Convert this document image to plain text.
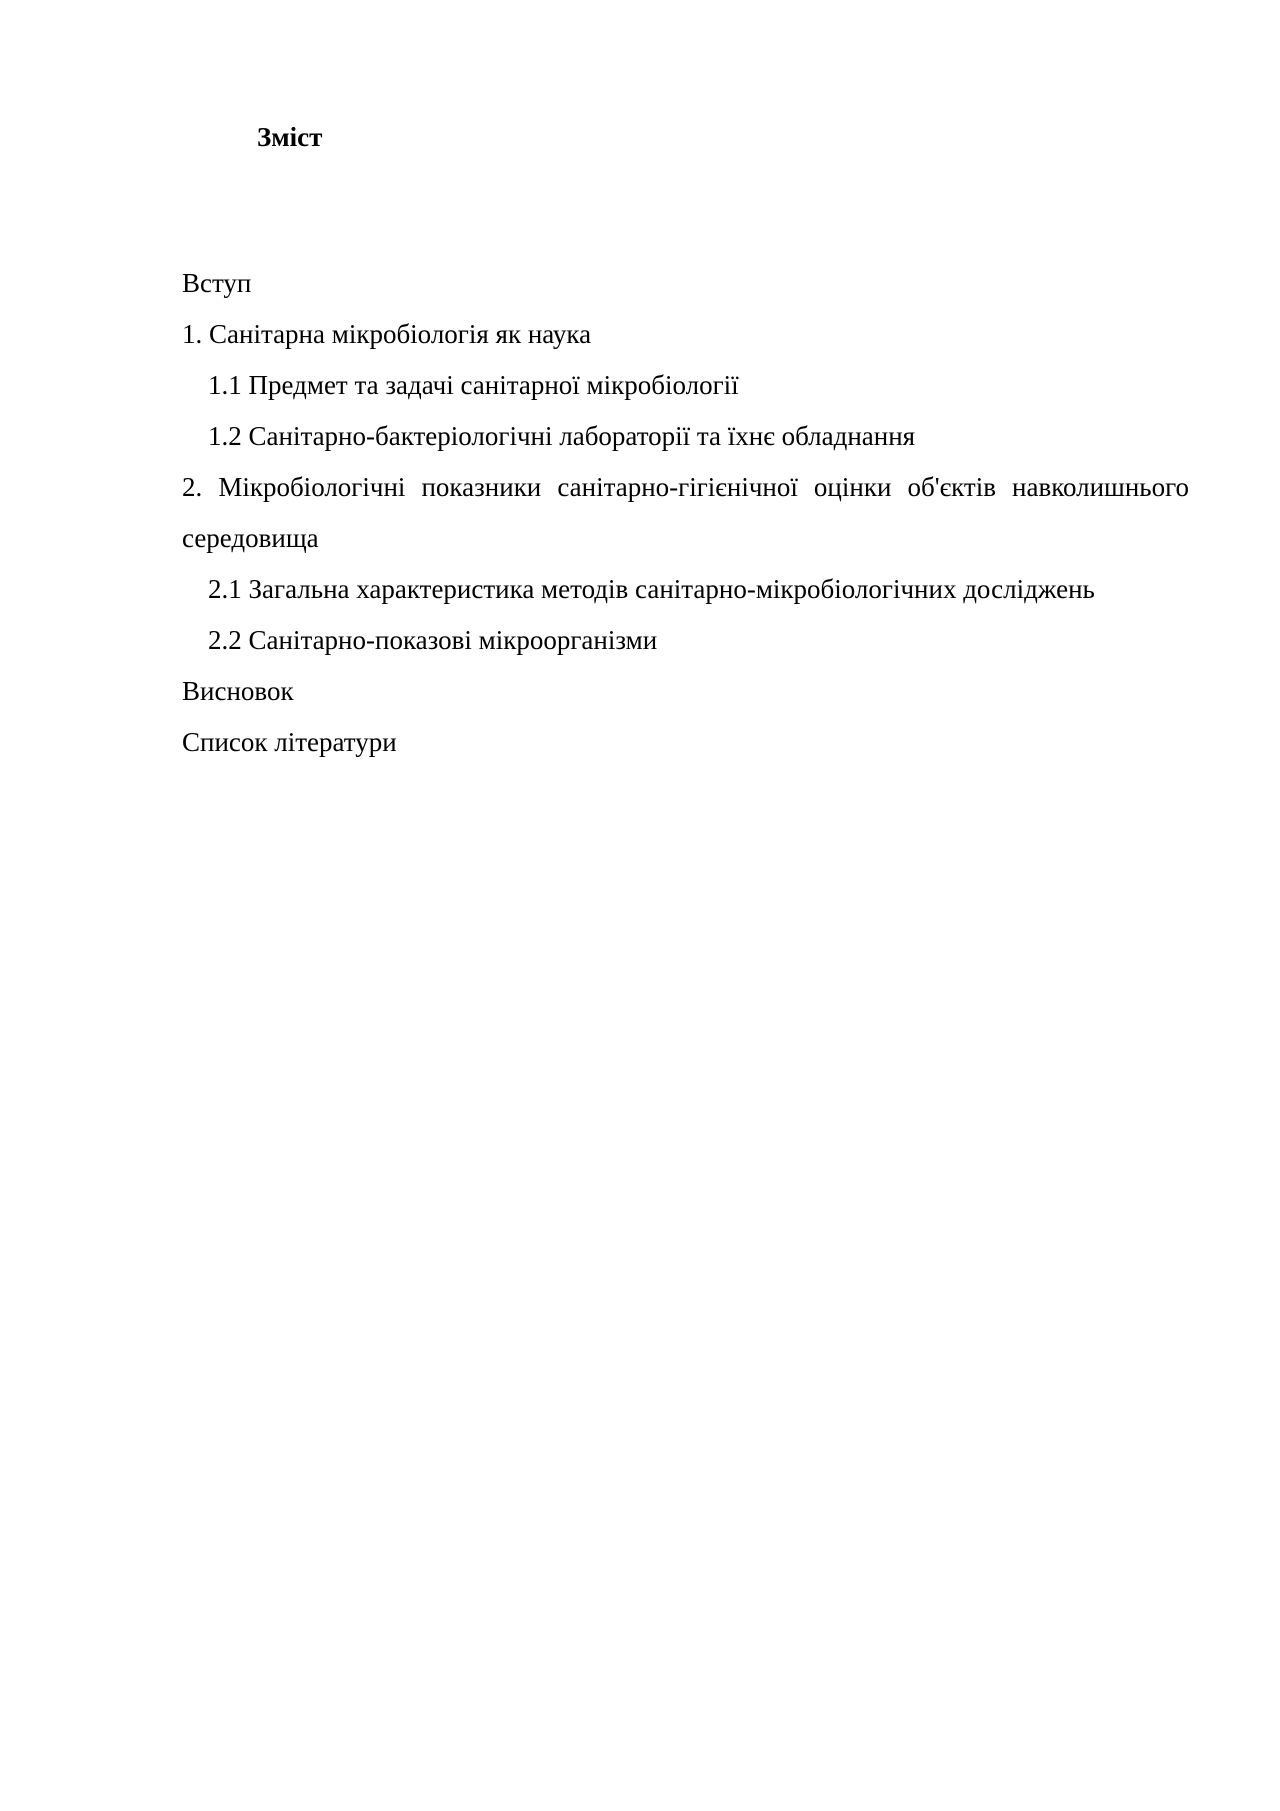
Зміст
Вступ
1. Санітарна мікробіологія як наука
1.1 Предмет та задачі санітарної мікробіології
1.2 Санітарно-бактеріологічні лабораторії та їхнє обладнання
2. Мікробіологічні показники санітарно-гігієнічної оцінки об'єктів навколишнього середовища
2.1 Загальна характеристика методів санітарно-мікробіологічних досліджень
2.2 Санітарно-показові мікроорганізми
Висновок
Список літератури
